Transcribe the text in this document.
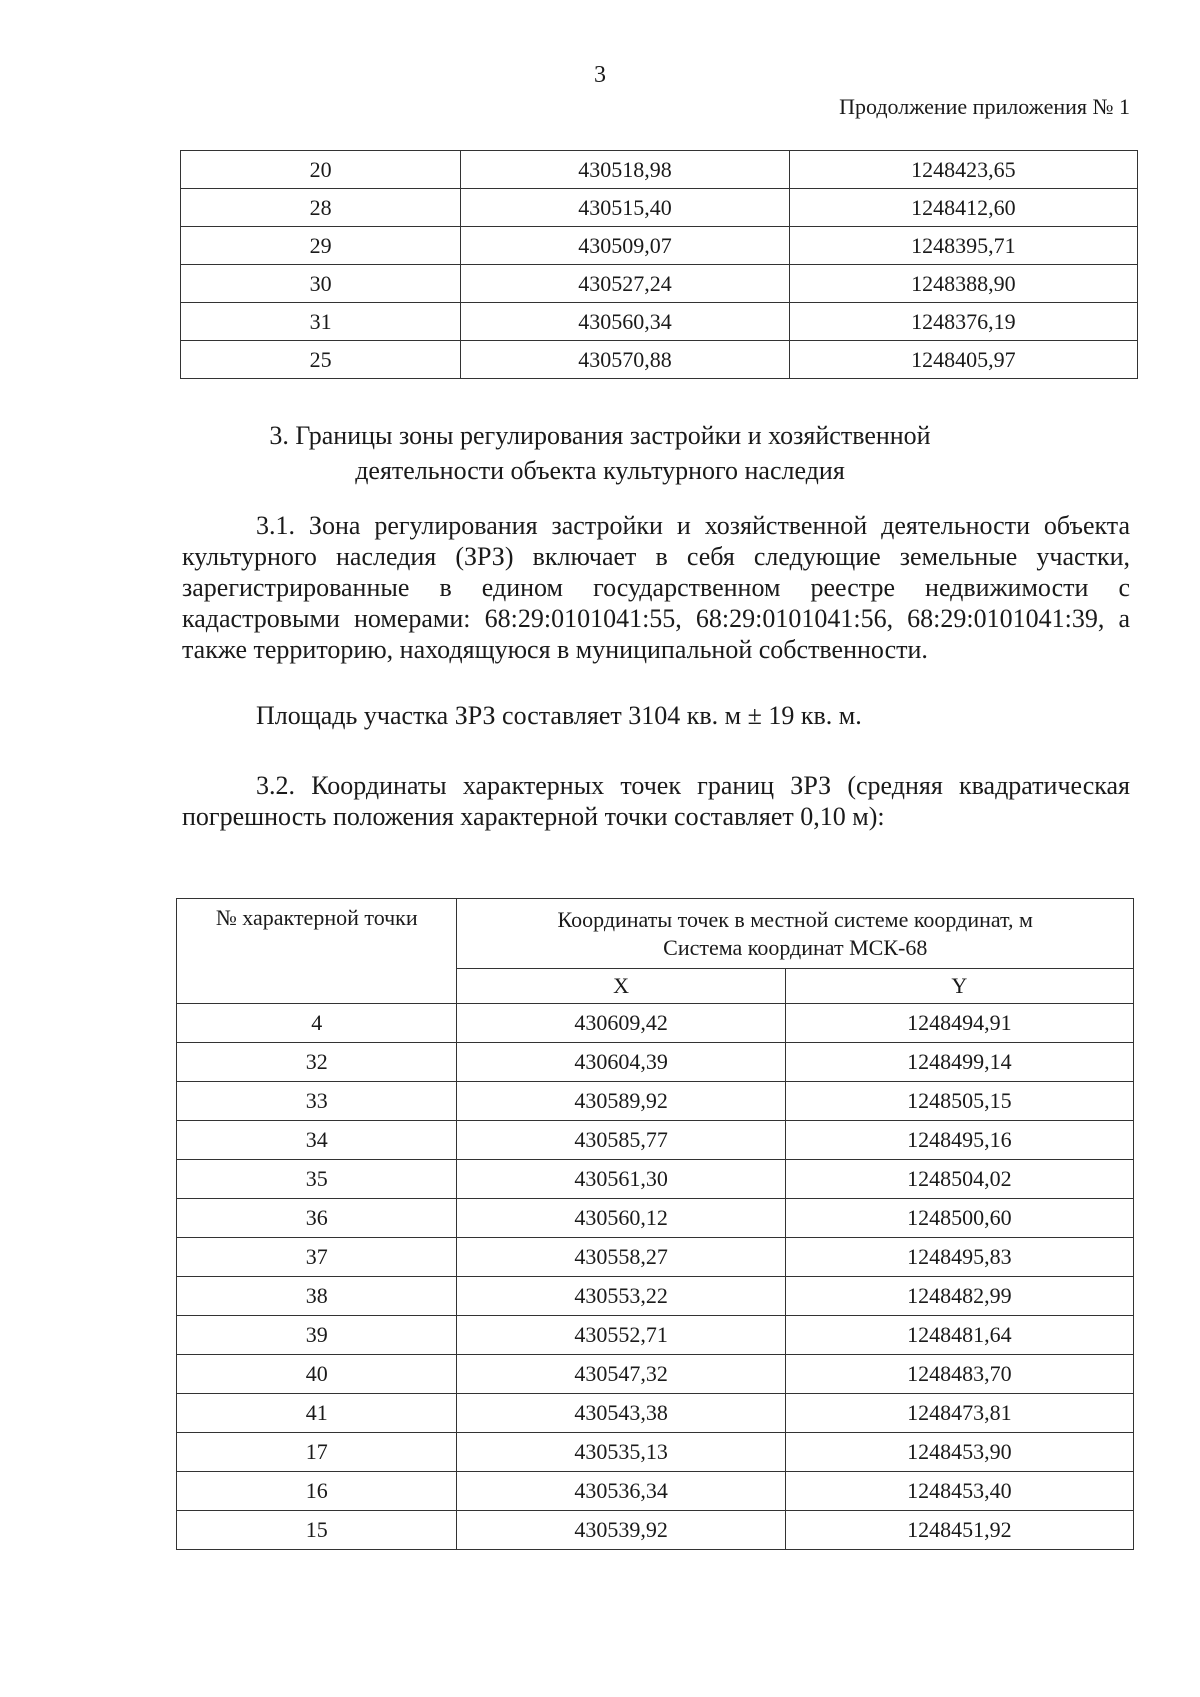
3
Продолжение приложения № 1
20	430518,98	1248423,65
28	430515,40	1248412,60
29	430509,07	1248395,71
30	430527,24	1248388,90
31	430560,34	1248376,19
25	430570,88	1248405,97
3. Границы зоны регулирования застройки и хозяйственной
деятельности объекта культурного наследия

3.1. Зона регулирования застройки и хозяйственной деятельности объекта культурного наследия (ЗРЗ) включает в себя следующие земельные участки, зарегистрированные в едином государственном реестре недвижимости с кадастровыми номерами: 68:29:0101041:55, 68:29:0101041:56, 68:29:0101041:39, а также территорию, находящуюся в муниципальной собственности.

Площадь участка ЗРЗ составляет 3104 кв. м ± 19 кв. м.

3.2. Координаты характерных точек границ ЗРЗ (средняя квадратическая погрешность положения характерной точки составляет 0,10 м):

№ характерной точки	Координаты точек в местной системе координат, м
Система координат МСК-68	

	X	Y
4	430609,42	1248494,91
32	430604,39	1248499,14
33	430589,92	1248505,15
34	430585,77	1248495,16
35	430561,30	1248504,02
36	430560,12	1248500,60
37	430558,27	1248495,83
38	430553,22	1248482,99
39	430552,71	1248481,64
40	430547,32	1248483,70
41	430543,38	1248473,81
17	430535,13	1248453,90
16	430536,34	1248453,40
15	430539,92	1248451,92
